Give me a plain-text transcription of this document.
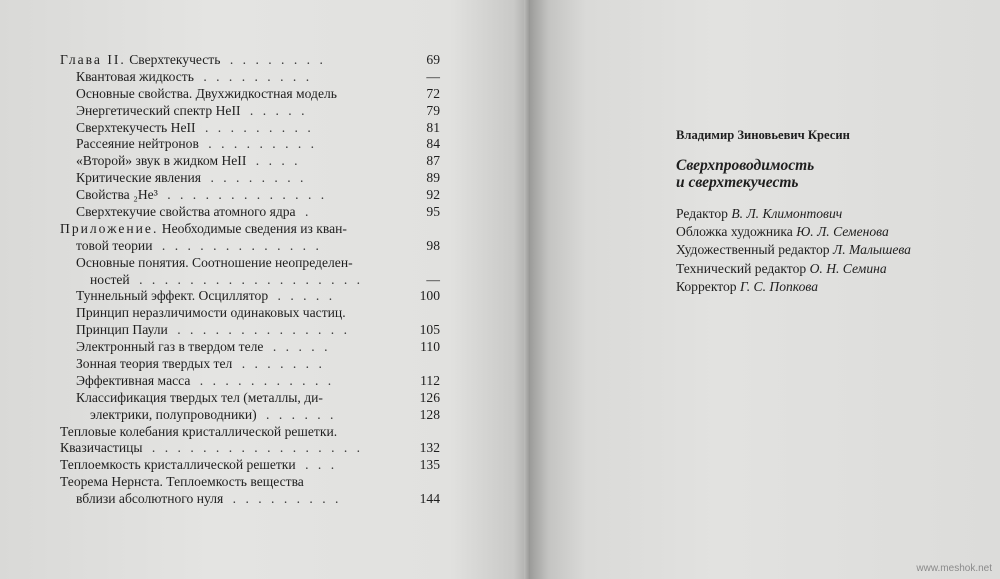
Глава II. Сверхтекучесть . . . . . . . .	69
Квантовая жидкость . . . . . . . . .	—
Основные свойства. Двухжидкостная модель	72
Энергетический спектр HeII . . . . .	79
Сверхтекучесть HeII . . . . . . . . .	81
Рассеяние нейтронов . . . . . . . . .	84
«Второй» звук в жидком HeII . . . .	87
Критические явления . . . . . . . .	89
Свойства ₂He³ . . . . . . . . . . . . .	92
Сверхтекучие свойства атомного ядра .	95
Приложение. Необходимые сведения из кван-
товой теории . . . . . . . . . . . . .	98
Основные понятия. Соотношение неопределен-
ностей . . . . . . . . . . . . . . . . . .	—
Туннельный эффект. Осциллятор . . . . .	100
Принцип неразличимости одинаковых частиц.
Принцип Паули . . . . . . . . . . . . . .	105
Электронный газ в твердом теле . . . . .	110
Зонная теория твердых тел . . . . . . .
Эффективная масса . . . . . . . . . . .	112
Классификация твердых тел (металлы, ди-	126
электрики, полупроводники) . . . . . .	128
Тепловые колебания кристаллической решетки.
Квазичастицы . . . . . . . . . . . . . . . . .	132
Теплоемкость кристаллической решетки . . .	135
Теорема Нернста. Теплоемкость вещества
вблизи абсолютного нуля . . . . . . . . .	144
Владимир Зиновьевич Кресин
Сверхпроводимость
и сверхтекучесть
Редактор В. Л. Климонтович
Обложка художника Ю. Л. Семенова
Художественный редактор Л. Малышева
Технический редактор О. Н. Семина
Корректор Г. С. Попкова
www.meshok.net
